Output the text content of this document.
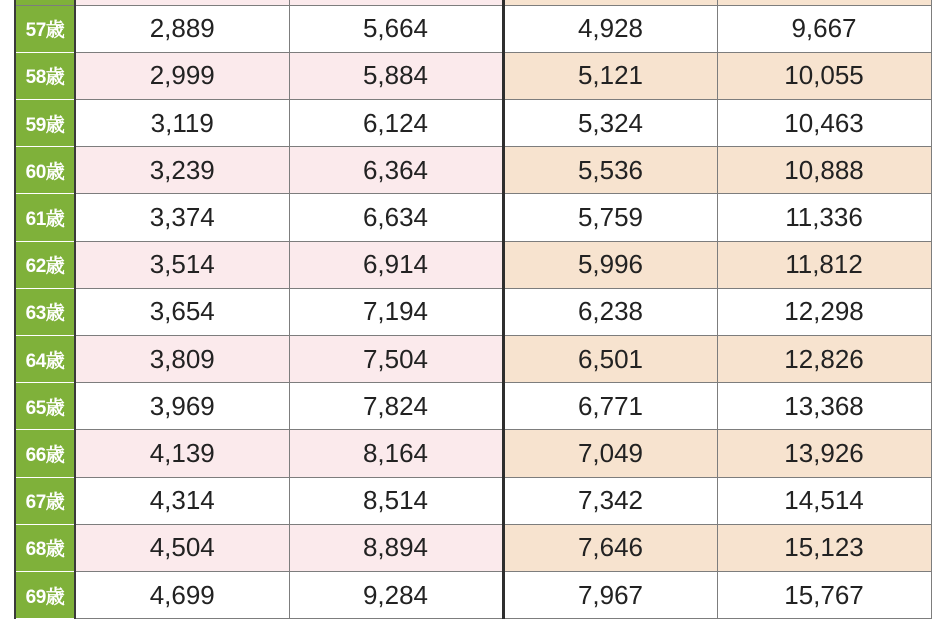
57歳	2,889	5,664	4,928	9,667
58歳	2,999	5,884	5,121	10,055
59歳	3,119	6,124	5,324	10,463
60歳	3,239	6,364	5,536	10,888
61歳	3,374	6,634	5,759	11,336
62歳	3,514	6,914	5,996	11,812
63歳	3,654	7,194	6,238	12,298
64歳	3,809	7,504	6,501	12,826
65歳	3,969	7,824	6,771	13,368
66歳	4,139	8,164	7,049	13,926
67歳	4,314	8,514	7,342	14,514
68歳	4,504	8,894	7,646	15,123
69歳	4,699	9,284	7,967	15,767
